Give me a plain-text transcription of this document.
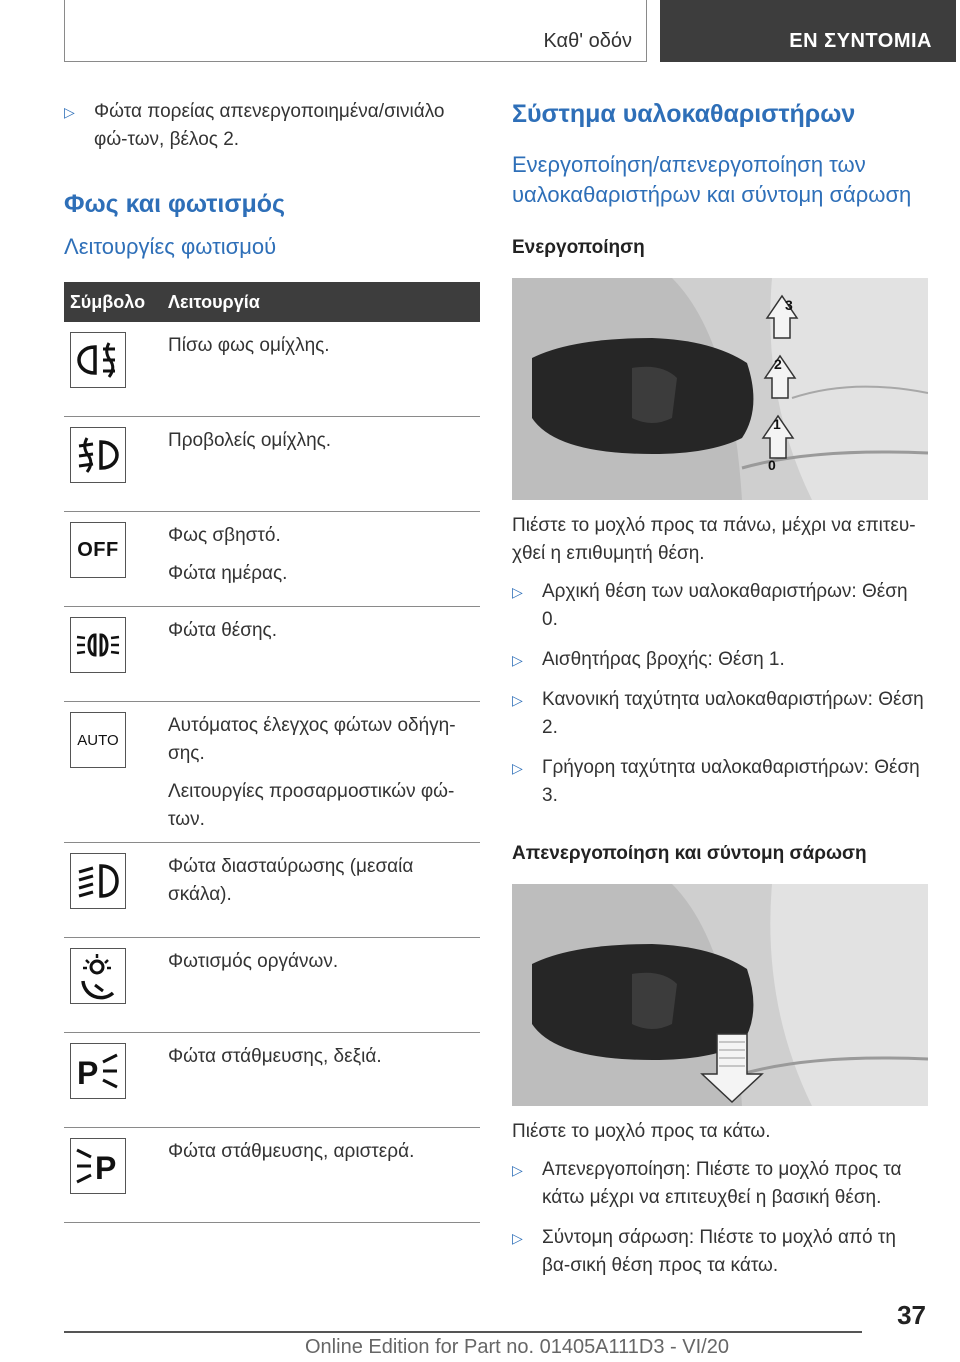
Καθ' οδόν	ΕΝ ΣΥΝΤΟΜΙΑ
▷ Φώτα πορείας απενεργοποιημένα/σινιάλο φώ‐των, βέλος 2.
Φως και φωτισμός
Λειτουργίες φωτισμού
Σύμβολο	Λειτουργία

Πίσω φως ομίχλης.

Προβολείς ομίχλης.

OFF	Φως σβηστό.
Φώτα ημέρας.

Φώτα θέσης.

AUTO	Αυτόματος έλεγχος φώτων οδήγη‐σης.
Λειτουργίες προσαρμοστικών φώ‐των.

Φώτα διασταύρωσης (μεσαία σκάλα).

Φωτισμός οργάνων.

P	Φώτα στάθμευσης, δεξιά.

P	Φώτα στάθμευσης, αριστερά.
Σύστημα υαλοκαθαριστήρων
Ενεργοποίηση/απενεργοποίηση των υαλοκαθαριστήρων και σύντομη σάρωση
Ενεργοποίηση
3
2
1
0
Πιέστε το μοχλό προς τα πάνω, μέχρι να επιτευ‐χθεί η επιθυμητή θέση.
▷ Αρχική θέση των υαλοκαθαριστήρων: Θέση 0.
▷ Αισθητήρας βροχής: Θέση 1.
▷ Κανονική ταχύτητα υαλοκαθαριστήρων: Θέση 2.
▷ Γρήγορη ταχύτητα υαλοκαθαριστήρων: Θέση 3.
Απενεργοποίηση και σύντομη σάρωση
Πιέστε το μοχλό προς τα κάτω.
▷ Απενεργοποίηση: Πιέστε το μοχλό προς τα κάτω μέχρι να επιτευχθεί η βασική θέση.
▷ Σύντομη σάρωση: Πιέστε το μοχλό από τη βα‐σική θέση προς τα κάτω.
37
Online Edition for Part no. 01405A111D3 - VI/20
